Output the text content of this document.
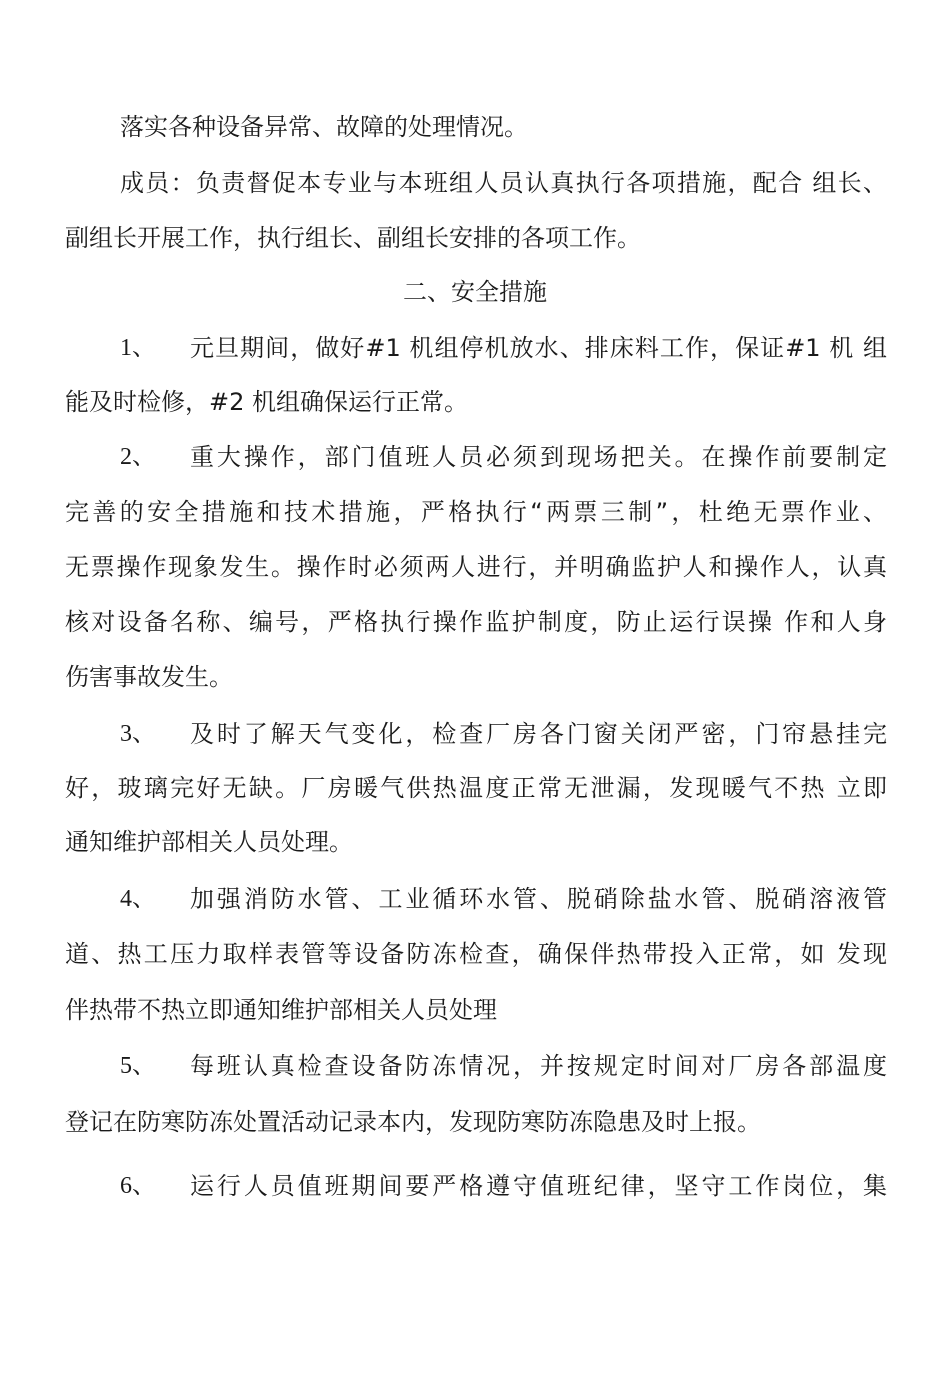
落实各种设备异常、故障的处理情况。
成员：负责督促本专业与本班组人员认真执行各项措施，配合 组长、
副组长开展工作，执行组长、副组长安排的各项工作。
二、安全措施
1、 元旦期间，做好#1 机组停机放水、排床料工作，保证#1 机 组
能及时检修，#2 机组确保运行正常。
2、 重大操作，部门值班人员必须到现场把关。在操作前要制定
完善的安全措施和技术措施，严格执行“两票三制”，杜绝无票作业、
无票操作现象发生。操作时必须两人进行，并明确监护人和操作人，认真
核对设备名称、编号，严格执行操作监护制度，防止运行误操 作和人身
伤害事故发生。
3、 及时了解天气变化，检查厂房各门窗关闭严密，门帘悬挂完
好，玻璃完好无缺。厂房暖气供热温度正常无泄漏，发现暖气不热 立即
通知维护部相关人员处理。
4、 加强消防水管、工业循环水管、脱硝除盐水管、脱硝溶液管
道、热工压力取样表管等设备防冻检查，确保伴热带投入正常，如 发现
伴热带不热立即通知维护部相关人员处理
5、 每班认真检查设备防冻情况，并按规定时间对厂房各部温度
登记在防寒防冻处置活动记录本内，发现防寒防冻隐患及时上报。
6、 运行人员值班期间要严格遵守值班纪律，坚守工作岗位，集
